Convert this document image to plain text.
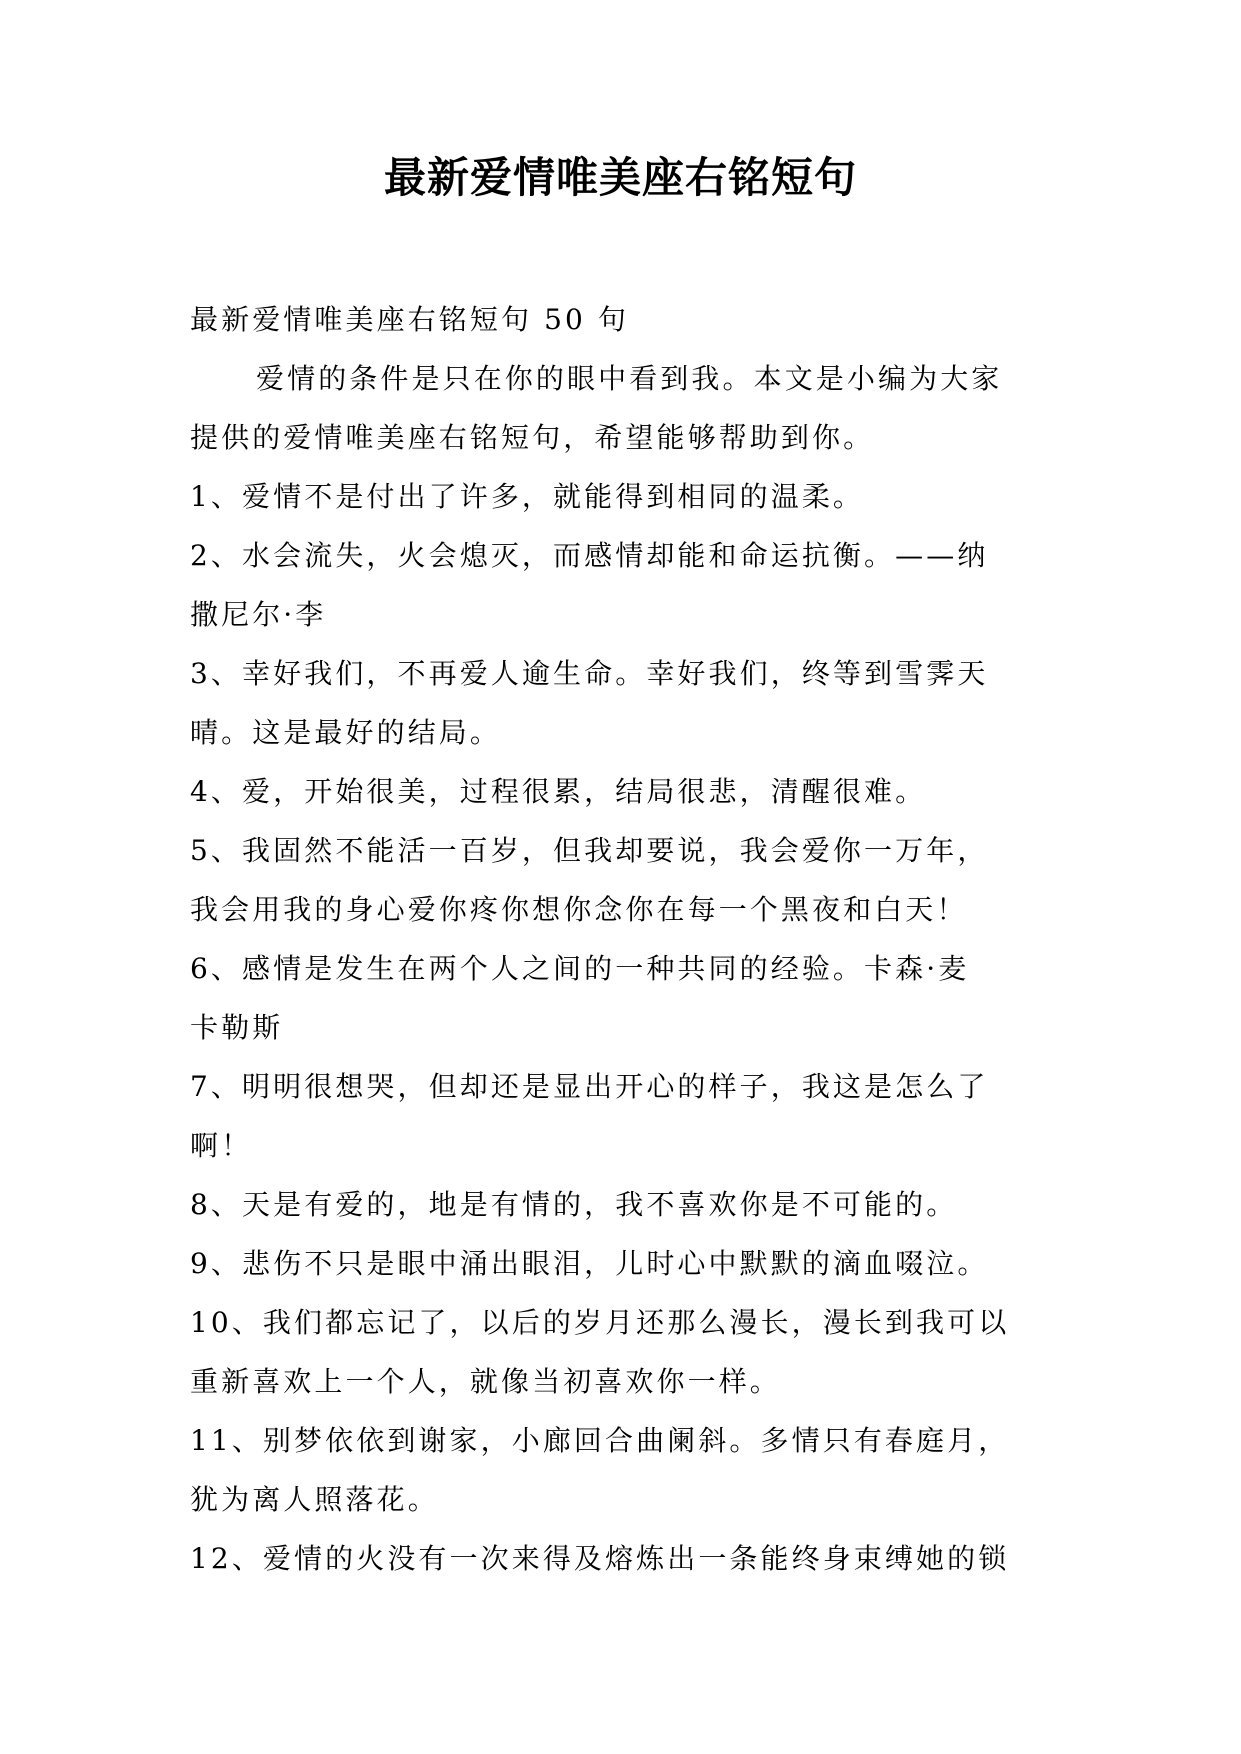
最新爱情唯美座右铭短句

最新爱情唯美座右铭短句 50 句

爱情的条件是只在你的眼中看到我。本文是小编为大家

提供的爱情唯美座右铭短句，希望能够帮助到你。

1、爱情不是付出了许多，就能得到相同的温柔。

2、水会流失，火会熄灭，而感情却能和命运抗衡。——纳

撒尼尔·李

3、幸好我们，不再爱人逾生命。幸好我们，终等到雪霁天

晴。这是最好的结局。

4、爱，开始很美，过程很累，结局很悲，清醒很难。

5、我固然不能活一百岁，但我却要说，我会爱你一万年，

我会用我的身心爱你疼你想你念你在每一个黑夜和白天！

6、感情是发生在两个人之间的一种共同的经验。卡森·麦

卡勒斯

7、明明很想哭，但却还是显出开心的样子，我这是怎么了

啊！

8、天是有爱的，地是有情的，我不喜欢你是不可能的。

9、悲伤不只是眼中涌出眼泪，儿时心中默默的滴血啜泣。

10、我们都忘记了，以后的岁月还那么漫长，漫长到我可以

重新喜欢上一个人，就像当初喜欢你一样。

11、别梦依依到谢家，小廊回合曲阑斜。多情只有春庭月，

犹为离人照落花。

12、爱情的火没有一次来得及熔炼出一条能终身束缚她的锁
